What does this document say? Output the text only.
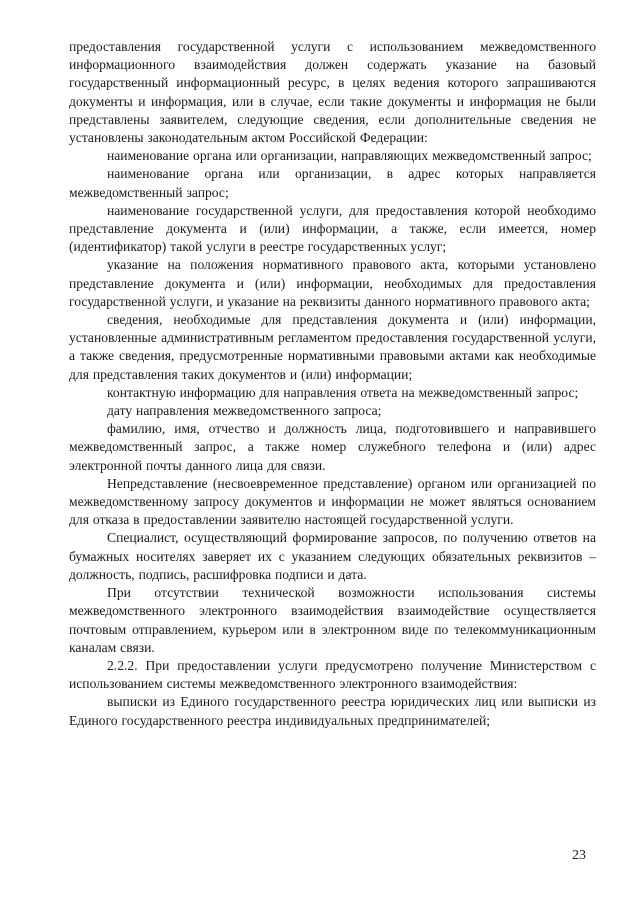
предоставления государственной услуги с использованием межведомственного информационного взаимодействия должен содержать указание на базовый государственный информационный ресурс, в целях ведения которого запрашиваются документы и информация, или в случае, если такие документы и информация не были представлены заявителем, следующие сведения, если дополнительные сведения не установлены законодательным актом Российской Федерации:

наименование органа или организации, направляющих межведомственный запрос;

наименование органа или организации, в адрес которых направляется межведомственный запрос;

наименование государственной услуги, для предоставления которой необходимо представление документа и (или) информации, а также, если имеется, номер (идентификатор) такой услуги в реестре государственных услуг;

указание на положения нормативного правового акта, которыми установлено представление документа и (или) информации, необходимых для предоставления государственной услуги, и указание на реквизиты данного нормативного правового акта;

сведения, необходимые для представления документа и (или) информации, установленные административным регламентом предоставления государственной услуги, а также сведения, предусмотренные нормативными правовыми актами как необходимые для представления таких документов и (или) информации;

контактную информацию для направления ответа на межведомственный запрос;

дату направления межведомственного запроса;

фамилию, имя, отчество и должность лица, подготовившего и направившего межведомственный запрос, а также номер служебного телефона и (или) адрес электронной почты данного лица для связи.

Непредставление (несвоевременное представление) органом или организацией по межведомственному запросу документов и информации не может являться основанием для отказа в предоставлении заявителю настоящей государственной услуги.

Специалист, осуществляющий формирование запросов, по получению ответов на бумажных носителях заверяет их с указанием следующих обязательных реквизитов – должность, подпись, расшифровка подписи и дата.

При отсутствии технической возможности использования системы межведомственного электронного взаимодействия взаимодействие осуществляется почтовым отправлением, курьером или в электронном виде по телекоммуникационным каналам связи.

2.2.2. При предоставлении услуги предусмотрено получение Министерством с использованием системы межведомственного электронного взаимодействия:

выписки из Единого государственного реестра юридических лиц или выписки из Единого государственного реестра индивидуальных предпринимателей;

23
